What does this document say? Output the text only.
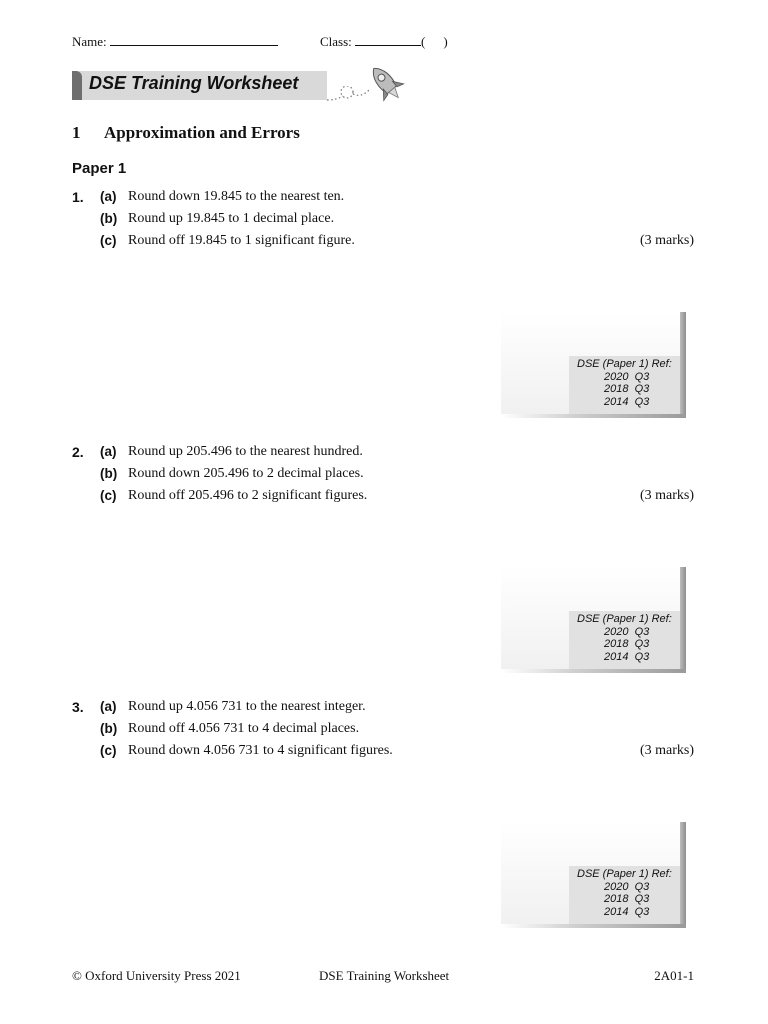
Name:	Class:	( )
DSE Training Worksheet
1 Approximation and Errors
Paper 1
1. (a) Round down 19.845 to the nearest ten.
(b) Round up 19.845 to 1 decimal place.
(c) Round off 19.845 to 1 significant figure.	(3 marks)
DSE (Paper 1) Ref:
2020  Q3
2018  Q3
2014  Q3
2. (a) Round up 205.496 to the nearest hundred.
(b) Round down 205.496 to 2 decimal places.
(c) Round off 205.496 to 2 significant figures.	(3 marks)
DSE (Paper 1) Ref:
2020  Q3
2018  Q3
2014  Q3
3. (a) Round up 4.056 731 to the nearest integer.
(b) Round off 4.056 731 to 4 decimal places.
(c) Round down 4.056 731 to 4 significant figures.	(3 marks)
DSE (Paper 1) Ref:
2020  Q3
2018  Q3
2014  Q3
© Oxford University Press 2021	DSE Training Worksheet	2A01-1
